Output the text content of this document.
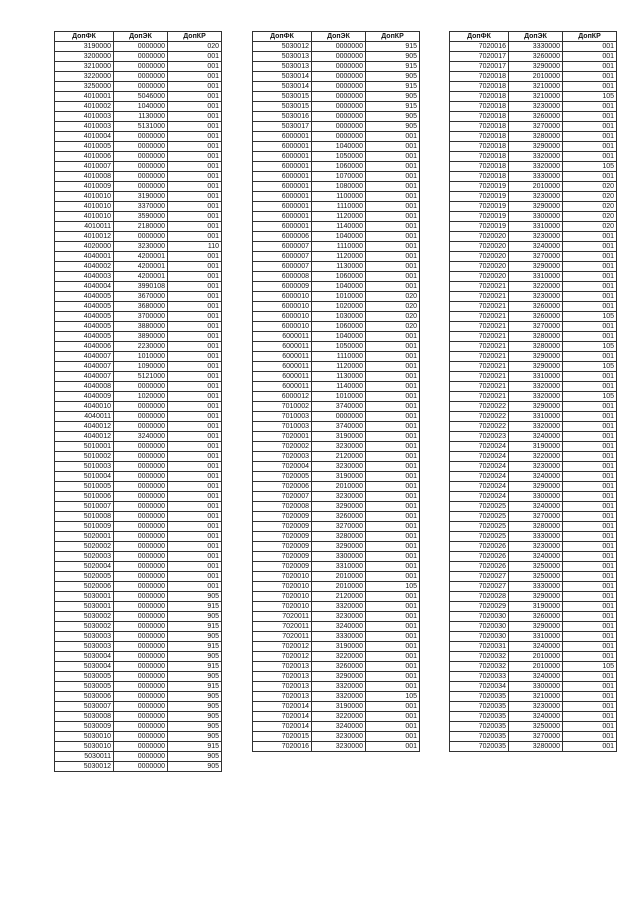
ДопФК	ДопЭК	ДопКР
3190000	0000000	020
3200000	0000000	001
3210000	0000000	001
3220000	0000000	001
3250000	0000000	001
4010001	5046000	001
4010002	1040000	001
4010003	1130000	001
4010003	5131000	001
4010004	0000000	001
4010005	0000000	001
4010006	0000000	001
4010007	0000000	001
4010008	0000000	001
4010009	0000000	001
4010010	3190000	001
4010010	3370000	001
4010010	3590000	001
4010011	2180000	001
4010012	0000000	001
4020000	3230000	110
4040001	4200001	001
4040002	4200001	001
4040003	4200001	001
4040004	3990108	001
4040005	3670000	001
4040005	3680000	001
4040005	3700000	001
4040005	3880000	001
4040005	3890000	001
4040006	2230000	001
4040007	1010000	001
4040007	1090000	001
4040007	5121000	001
4040008	0000000	001
4040009	1020000	001
4040010	0000000	001
4040011	0000000	001
4040012	0000000	001
4040012	3240000	001
5010001	0000000	001
5010002	0000000	001
5010003	0000000	001
5010004	0000000	001
5010005	0000000	001
5010006	0000000	001
5010007	0000000	001
5010008	0000000	001
5010009	0000000	001
5020001	0000000	001
5020002	0000000	001
5020003	0000000	001
5020004	0000000	001
5020005	0000000	001
5020006	0000000	001
5030001	0000000	905
5030001	0000000	915
5030002	0000000	905
5030002	0000000	915
5030003	0000000	905
5030003	0000000	915
5030004	0000000	905
5030004	0000000	915
5030005	0000000	905
5030005	0000000	915
5030006	0000000	905
5030007	0000000	905
5030008	0000000	905
5030009	0000000	905
5030010	0000000	905
5030010	0000000	915
5030011	0000000	905
5030012	0000000	905
ДопФК	ДопЭК	ДопКР
5030012	0000000	915
5030013	0000000	905
5030013	0000000	915
5030014	0000000	905
5030014	0000000	915
5030015	0000000	905
5030015	0000000	915
5030016	0000000	905
5030017	0000000	905
6000001	0000000	001
6000001	1040000	001
6000001	1050000	001
6000001	1060000	001
6000001	1070000	001
6000001	1080000	001
6000001	1100000	001
6000001	1110000	001
6000001	1120000	001
6000001	1140000	001
6000006	1040000	001
6000007	1110000	001
6000007	1120000	001
6000007	1130000	001
6000008	1060000	001
6000009	1040000	001
6000010	1010000	020
6000010	1020000	020
6000010	1030000	020
6000010	1060000	020
6000011	1040000	001
6000011	1050000	001
6000011	1110000	001
6000011	1120000	001
6000011	1130000	001
6000011	1140000	001
6000012	1010000	001
7010002	3740000	001
7010003	0000000	001
7010003	3740000	001
7020001	3190000	001
7020002	3230000	001
7020003	2120000	001
7020004	3230000	001
7020005	3190000	001
7020006	2010000	001
7020007	3230000	001
7020008	3290000	001
7020009	3260000	001
7020009	3270000	001
7020009	3280000	001
7020009	3290000	001
7020009	3300000	001
7020009	3310000	001
7020010	2010000	001
7020010	2010000	105
7020010	2120000	001
7020010	3320000	001
7020011	3230000	001
7020011	3240000	001
7020011	3330000	001
7020012	3190000	001
7020012	3220000	001
7020013	3260000	001
7020013	3290000	001
7020013	3320000	001
7020013	3320000	105
7020014	3190000	001
7020014	3220000	001
7020014	3240000	001
7020015	3230000	001
7020016	3230000	001
ДопФК	ДопЭК	ДопКР
7020016	3330000	001
7020017	3260000	001
7020017	3290000	001
7020018	2010000	001
7020018	3210000	001
7020018	3210000	105
7020018	3230000	001
7020018	3260000	001
7020018	3270000	001
7020018	3280000	001
7020018	3290000	001
7020018	3320000	001
7020018	3320000	105
7020018	3330000	001
7020019	2010000	020
7020019	3230000	020
7020019	3290000	020
7020019	3300000	020
7020019	3310000	020
7020020	3230000	001
7020020	3240000	001
7020020	3270000	001
7020020	3290000	001
7020020	3310000	001
7020021	3220000	001
7020021	3230000	001
7020021	3260000	001
7020021	3260000	105
7020021	3270000	001
7020021	3280000	001
7020021	3280000	105
7020021	3290000	001
7020021	3290000	105
7020021	3310000	001
7020021	3320000	001
7020021	3320000	105
7020022	3290000	001
7020022	3310000	001
7020022	3320000	001
7020023	3240000	001
7020024	3190000	001
7020024	3220000	001
7020024	3230000	001
7020024	3240000	001
7020024	3290000	001
7020024	3300000	001
7020025	3240000	001
7020025	3270000	001
7020025	3280000	001
7020025	3330000	001
7020026	3230000	001
7020026	3240000	001
7020026	3250000	001
7020027	3250000	001
7020027	3330000	001
7020028	3290000	001
7020029	3190000	001
7020030	3260000	001
7020030	3290000	001
7020030	3310000	001
7020031	3240000	001
7020032	2010000	001
7020032	2010000	105
7020033	3240000	001
7020034	3300000	001
7020035	3210000	001
7020035	3230000	001
7020035	3240000	001
7020035	3250000	001
7020035	3270000	001
7020035	3280000	001
